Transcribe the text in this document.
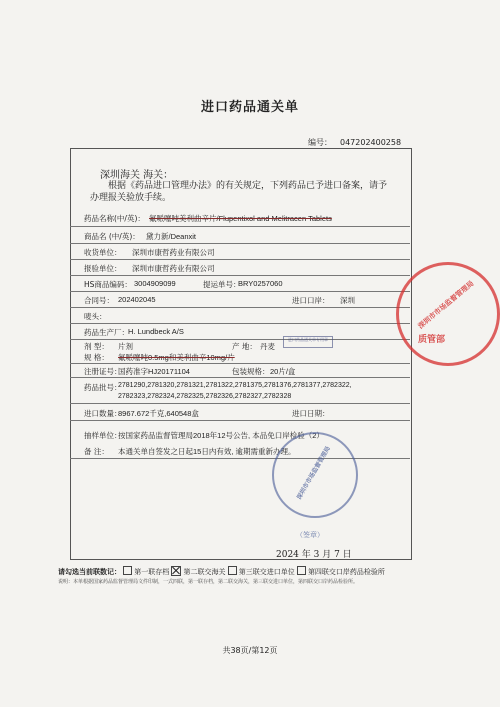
进口药品通关单
编号： 047202400258
深圳海关 海关：
根据《药品进口管理办法》的有关规定，下列药品已予进口备案，请予办理报关验放手续。
药品名称(中/英)： 氟哌噻吨美利曲辛片/Flupentixol and Melitracen Tablets
商品名 (中/英)： 黛力新/Deanxit
收货单位： 深圳市康哲药业有限公司
报验单位： 深圳市康哲药业有限公司
HS商品编码： 3004909099	提运单号：
BRY0257060
合同号： 202402045	进口口岸： 深圳
唛头：
药品生产厂： H. Lundbeck A/S
剂 型： 片剂	产 地： 丹麦
规 格： 氟哌噻吨0.5mg和美利曲辛10mg/片
注册证号：
国药准字HJ20171104	包装规格： 20片/盒
药品批号：
2781290,2781320,2781321,2781322,2781375,2781376,2781377,2782322,
2782323,2782324,2782325,2782326,2782327,2782328
进口数量：
8967.672千克,640548盒	进口日期：
抽样单位：
按国家药品监督管理局2018年12号公告, 本品免口岸检验（2）
备 注： 本通关单自签发之日起15日内有效, 逾期需重新办理。
2024 年 3 月 7 日
深圳市市场监督管理局
质管部
深圳市市场监督管理局
（签章）
进口药品通关单专用章
请勾选当前联数记： 第一联存档 第二联交海关 第三联交进口单位 第四联交口岸药品检验所
说明：本单根据国家药品监督管理局文件印制，一式四联，第一联存档，第二联交海关，第三联交进口单位，第四联交口岸药品检验所。
共38页/第12页
